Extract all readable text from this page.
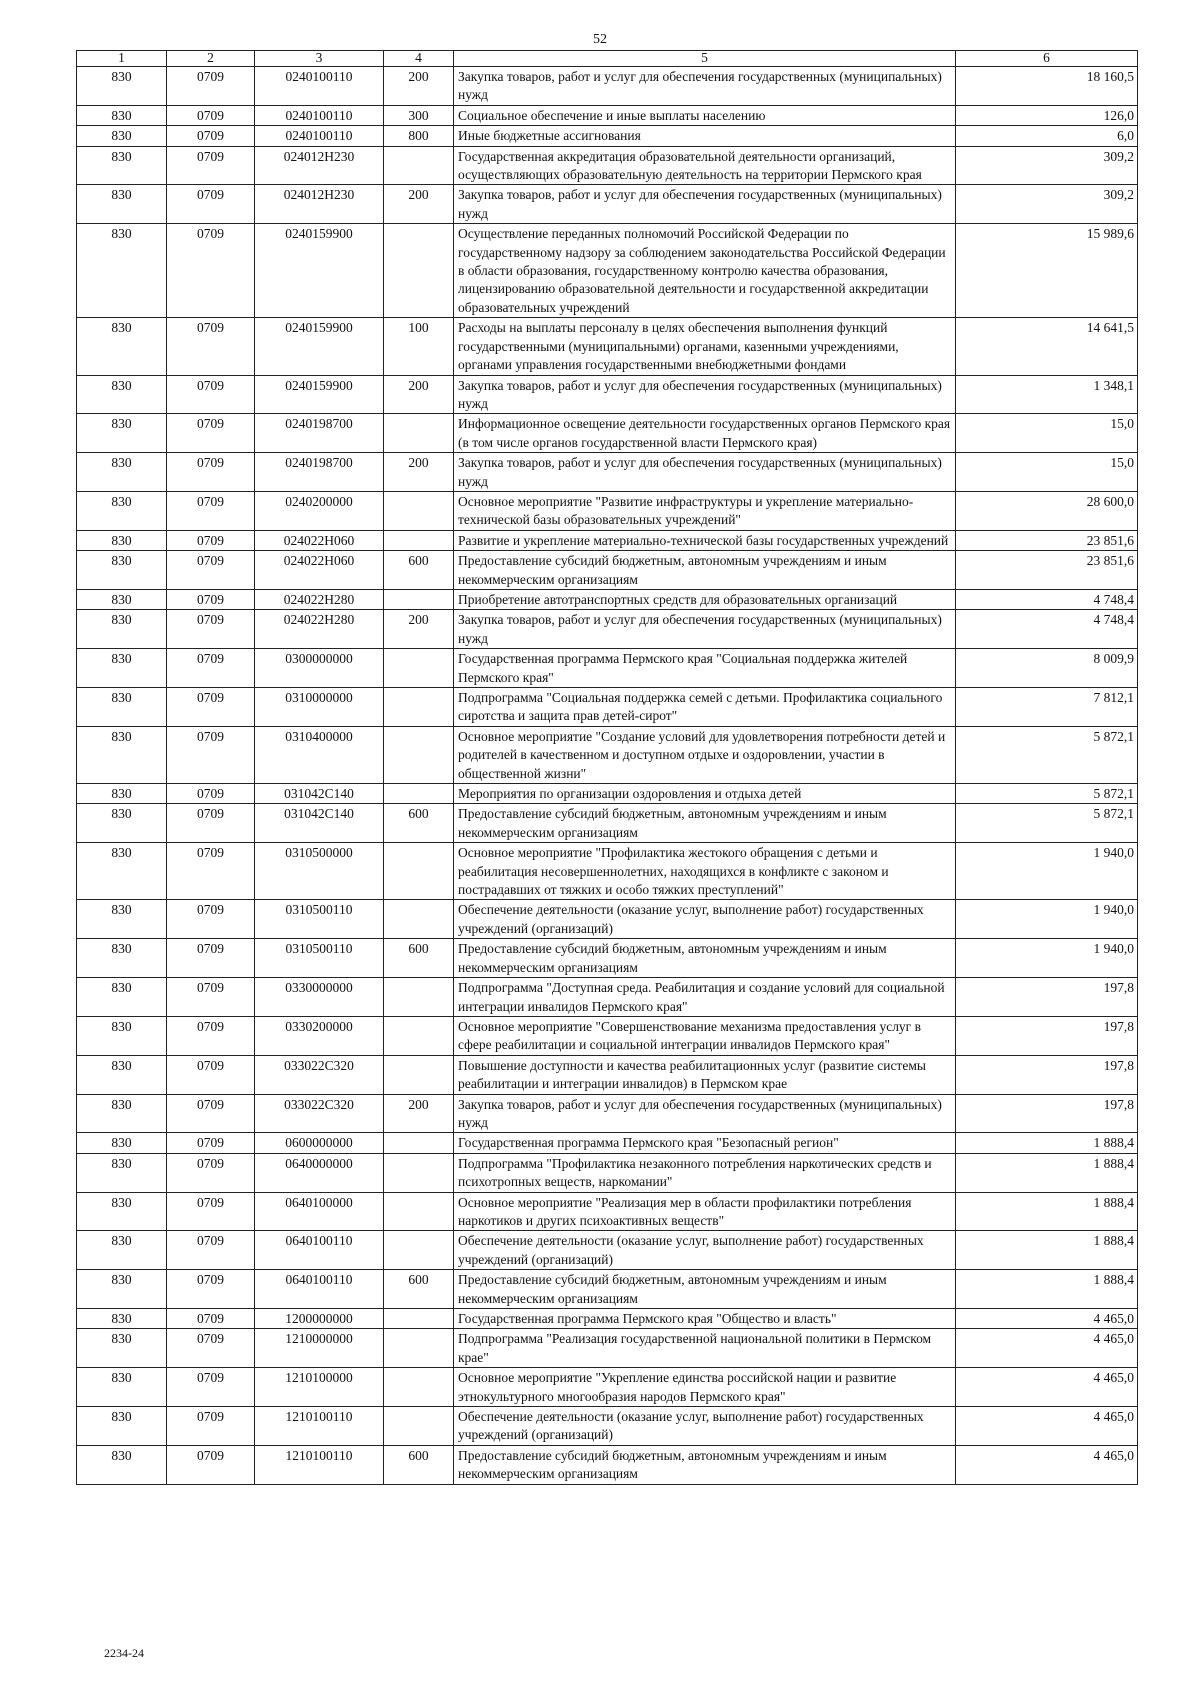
52
1	2	3	4	5	6
830	0709	0240100110	200	Закупка товаров, работ и услуг для обеспечения государственных (муниципальных) нужд	18 160,5
830	0709	0240100110	300	Социальное обеспечение и иные выплаты населению	126,0
830	0709	0240100110	800	Иные бюджетные ассигнования	6,0
830	0709	024012Н230		Государственная аккредитация образовательной деятельности организаций, осуществляющих образовательную деятельность на территории Пермского края	309,2
830	0709	024012Н230	200	Закупка товаров, работ и услуг для обеспечения государственных (муниципальных) нужд	309,2
830	0709	0240159900		Осуществление переданных полномочий Российской Федерации по государственному надзору за соблюдением законодательства Российской Федерации в области образования, государственному контролю качества образования, лицензированию образовательной деятельности и государственной аккредитации образовательных учреждений	15 989,6
830	0709	0240159900	100	Расходы на выплаты персоналу в целях обеспечения выполнения функций государственными (муниципальными) органами, казенными учреждениями, органами управления государственными внебюджетными фондами	14 641,5
830	0709	0240159900	200	Закупка товаров, работ и услуг для обеспечения государственных (муниципальных) нужд	1 348,1
830	0709	0240198700		Информационное освещение деятельности государственных органов Пермского края (в том числе органов государственной власти Пермского края)	15,0
830	0709	0240198700	200	Закупка товаров, работ и услуг для обеспечения государственных (муниципальных) нужд	15,0
830	0709	0240200000		Основное мероприятие "Развитие инфраструктуры и укрепление материально-технической базы образовательных учреждений"	28 600,0
830	0709	024022Н060		Развитие и укрепление материально-технической базы государственных учреждений	23 851,6
830	0709	024022Н060	600	Предоставление субсидий бюджетным, автономным учреждениям и иным некоммерческим организациям	23 851,6
830	0709	024022Н280		Приобретение автотранспортных средств для образовательных организаций	4 748,4
830	0709	024022Н280	200	Закупка товаров, работ и услуг для обеспечения государственных (муниципальных) нужд	4 748,4
830	0709	0300000000		Государственная программа Пермского края "Социальная поддержка жителей Пермского края"	8 009,9
830	0709	0310000000		Подпрограмма "Социальная поддержка семей с детьми. Профилактика социального сиротства и защита прав детей-сирот"	7 812,1
830	0709	0310400000		Основное мероприятие "Создание условий для удовлетворения потребности детей и родителей в качественном и доступном отдыхе и оздоровлении, участии в общественной жизни"	5 872,1
830	0709	031042С140		Мероприятия по организации оздоровления и отдыха детей	5 872,1
830	0709	031042С140	600	Предоставление субсидий бюджетным, автономным учреждениям и иным некоммерческим организациям	5 872,1
830	0709	0310500000		Основное мероприятие "Профилактика жестокого обращения с детьми и реабилитация несовершеннолетних, находящихся в конфликте с законом и пострадавших от тяжких и особо тяжких преступлений"	1 940,0
830	0709	0310500110		Обеспечение деятельности (оказание услуг, выполнение работ) государственных учреждений (организаций)	1 940,0
830	0709	0310500110	600	Предоставление субсидий бюджетным, автономным учреждениям и иным некоммерческим организациям	1 940,0
830	0709	0330000000		Подпрограмма "Доступная среда. Реабилитация и создание условий для социальной интеграции инвалидов Пермского края"	197,8
830	0709	0330200000		Основное мероприятие "Совершенствование механизма предоставления услуг в сфере реабилитации и социальной интеграции инвалидов Пермского края"	197,8
830	0709	033022С320		Повышение доступности и качества реабилитационных услуг (развитие системы реабилитации и интеграции инвалидов) в Пермском крае	197,8
830	0709	033022С320	200	Закупка товаров, работ и услуг для обеспечения государственных (муниципальных) нужд	197,8
830	0709	0600000000		Государственная программа Пермского края "Безопасный регион"	1 888,4
830	0709	0640000000		Подпрограмма "Профилактика незаконного потребления наркотических средств и психотропных веществ, наркомании"	1 888,4
830	0709	0640100000		Основное мероприятие "Реализация мер в области профилактики потребления наркотиков и других психоактивных веществ"	1 888,4
830	0709	0640100110		Обеспечение деятельности (оказание услуг, выполнение работ) государственных учреждений (организаций)	1 888,4
830	0709	0640100110	600	Предоставление субсидий бюджетным, автономным учреждениям и иным некоммерческим организациям	1 888,4
830	0709	1200000000		Государственная программа Пермского края "Общество и власть"	4 465,0
830	0709	1210000000		Подпрограмма "Реализация государственной национальной политики в Пермском крае"	4 465,0
830	0709	1210100000		Основное мероприятие "Укрепление единства российской нации и развитие этнокультурного многообразия народов Пермского края"	4 465,0
830	0709	1210100110		Обеспечение деятельности (оказание услуг, выполнение работ) государственных учреждений (организаций)	4 465,0
830	0709	1210100110	600	Предоставление субсидий бюджетным, автономным учреждениям и иным некоммерческим организациям	4 465,0
2234-24
